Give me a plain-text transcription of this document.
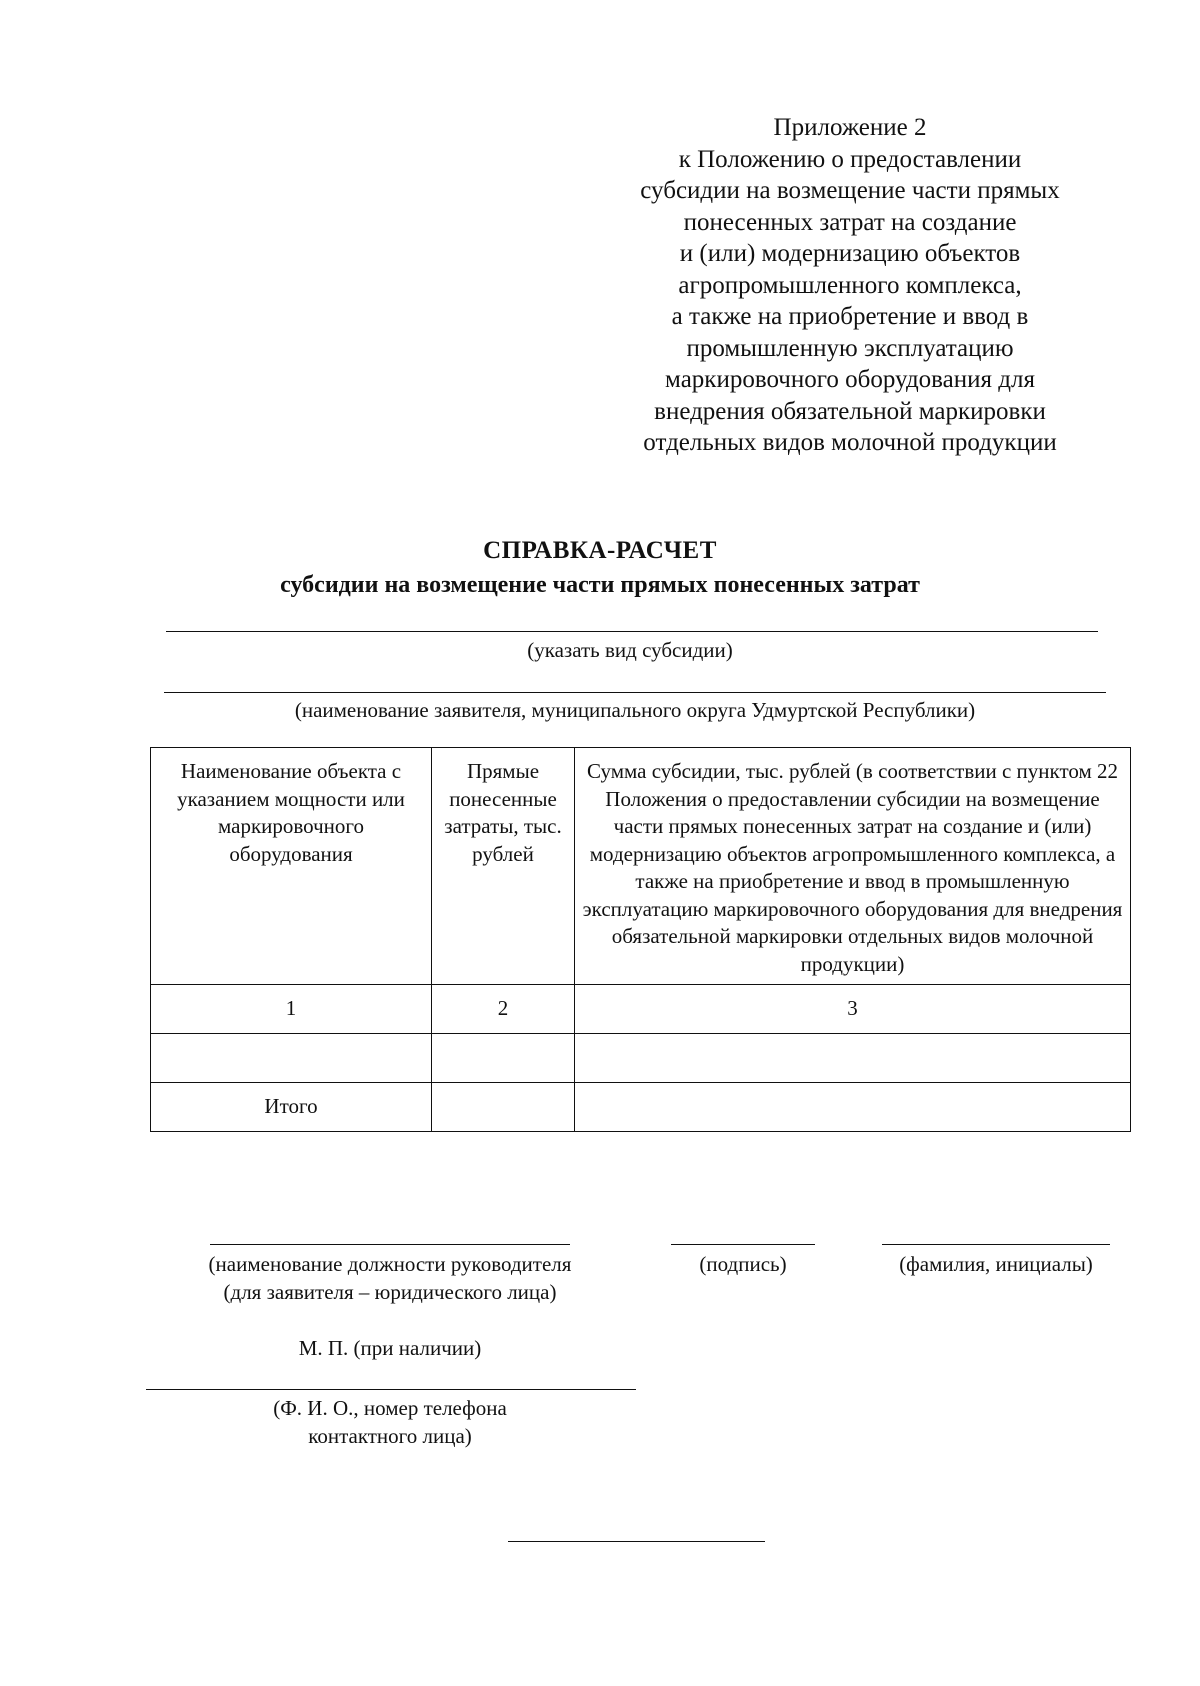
Приложение 2
к Положению о предоставлении
субсидии на возмещение части прямых
понесенных затрат на создание
и (или) модернизацию объектов
агропромышленного комплекса,
а также на приобретение и ввод в
промышленную эксплуатацию
маркировочного оборудования для
внедрения обязательной маркировки
отдельных видов молочной продукции
СПРАВКА-РАСЧЕТ
субсидии на возмещение части прямых понесенных затрат
(указать вид субсидии)
(наименование заявителя, муниципального округа Удмуртской Республики)
Наименование объекта с указанием мощности или маркировочного оборудования	Прямые понесенные затраты, тыс. рублей	Сумма субсидии, тыс. рублей (в соответствии с пунктом 22 Положения о предоставлении субсидии на возмещение части прямых понесенных затрат на создание и (или) модернизацию объектов агропромышленного комплекса, а также на приобретение и ввод в промышленную эксплуатацию маркировочного оборудования для внедрения обязательной маркировки отдельных видов молочной продукции)
1	2	3

Итого		
(наименование должности руководителя
(для заявителя – юридического лица)
(подпись)	(фамилия, инициалы)
М. П. (при наличии)
(Ф. И. О., номер телефона
контактного лица)
